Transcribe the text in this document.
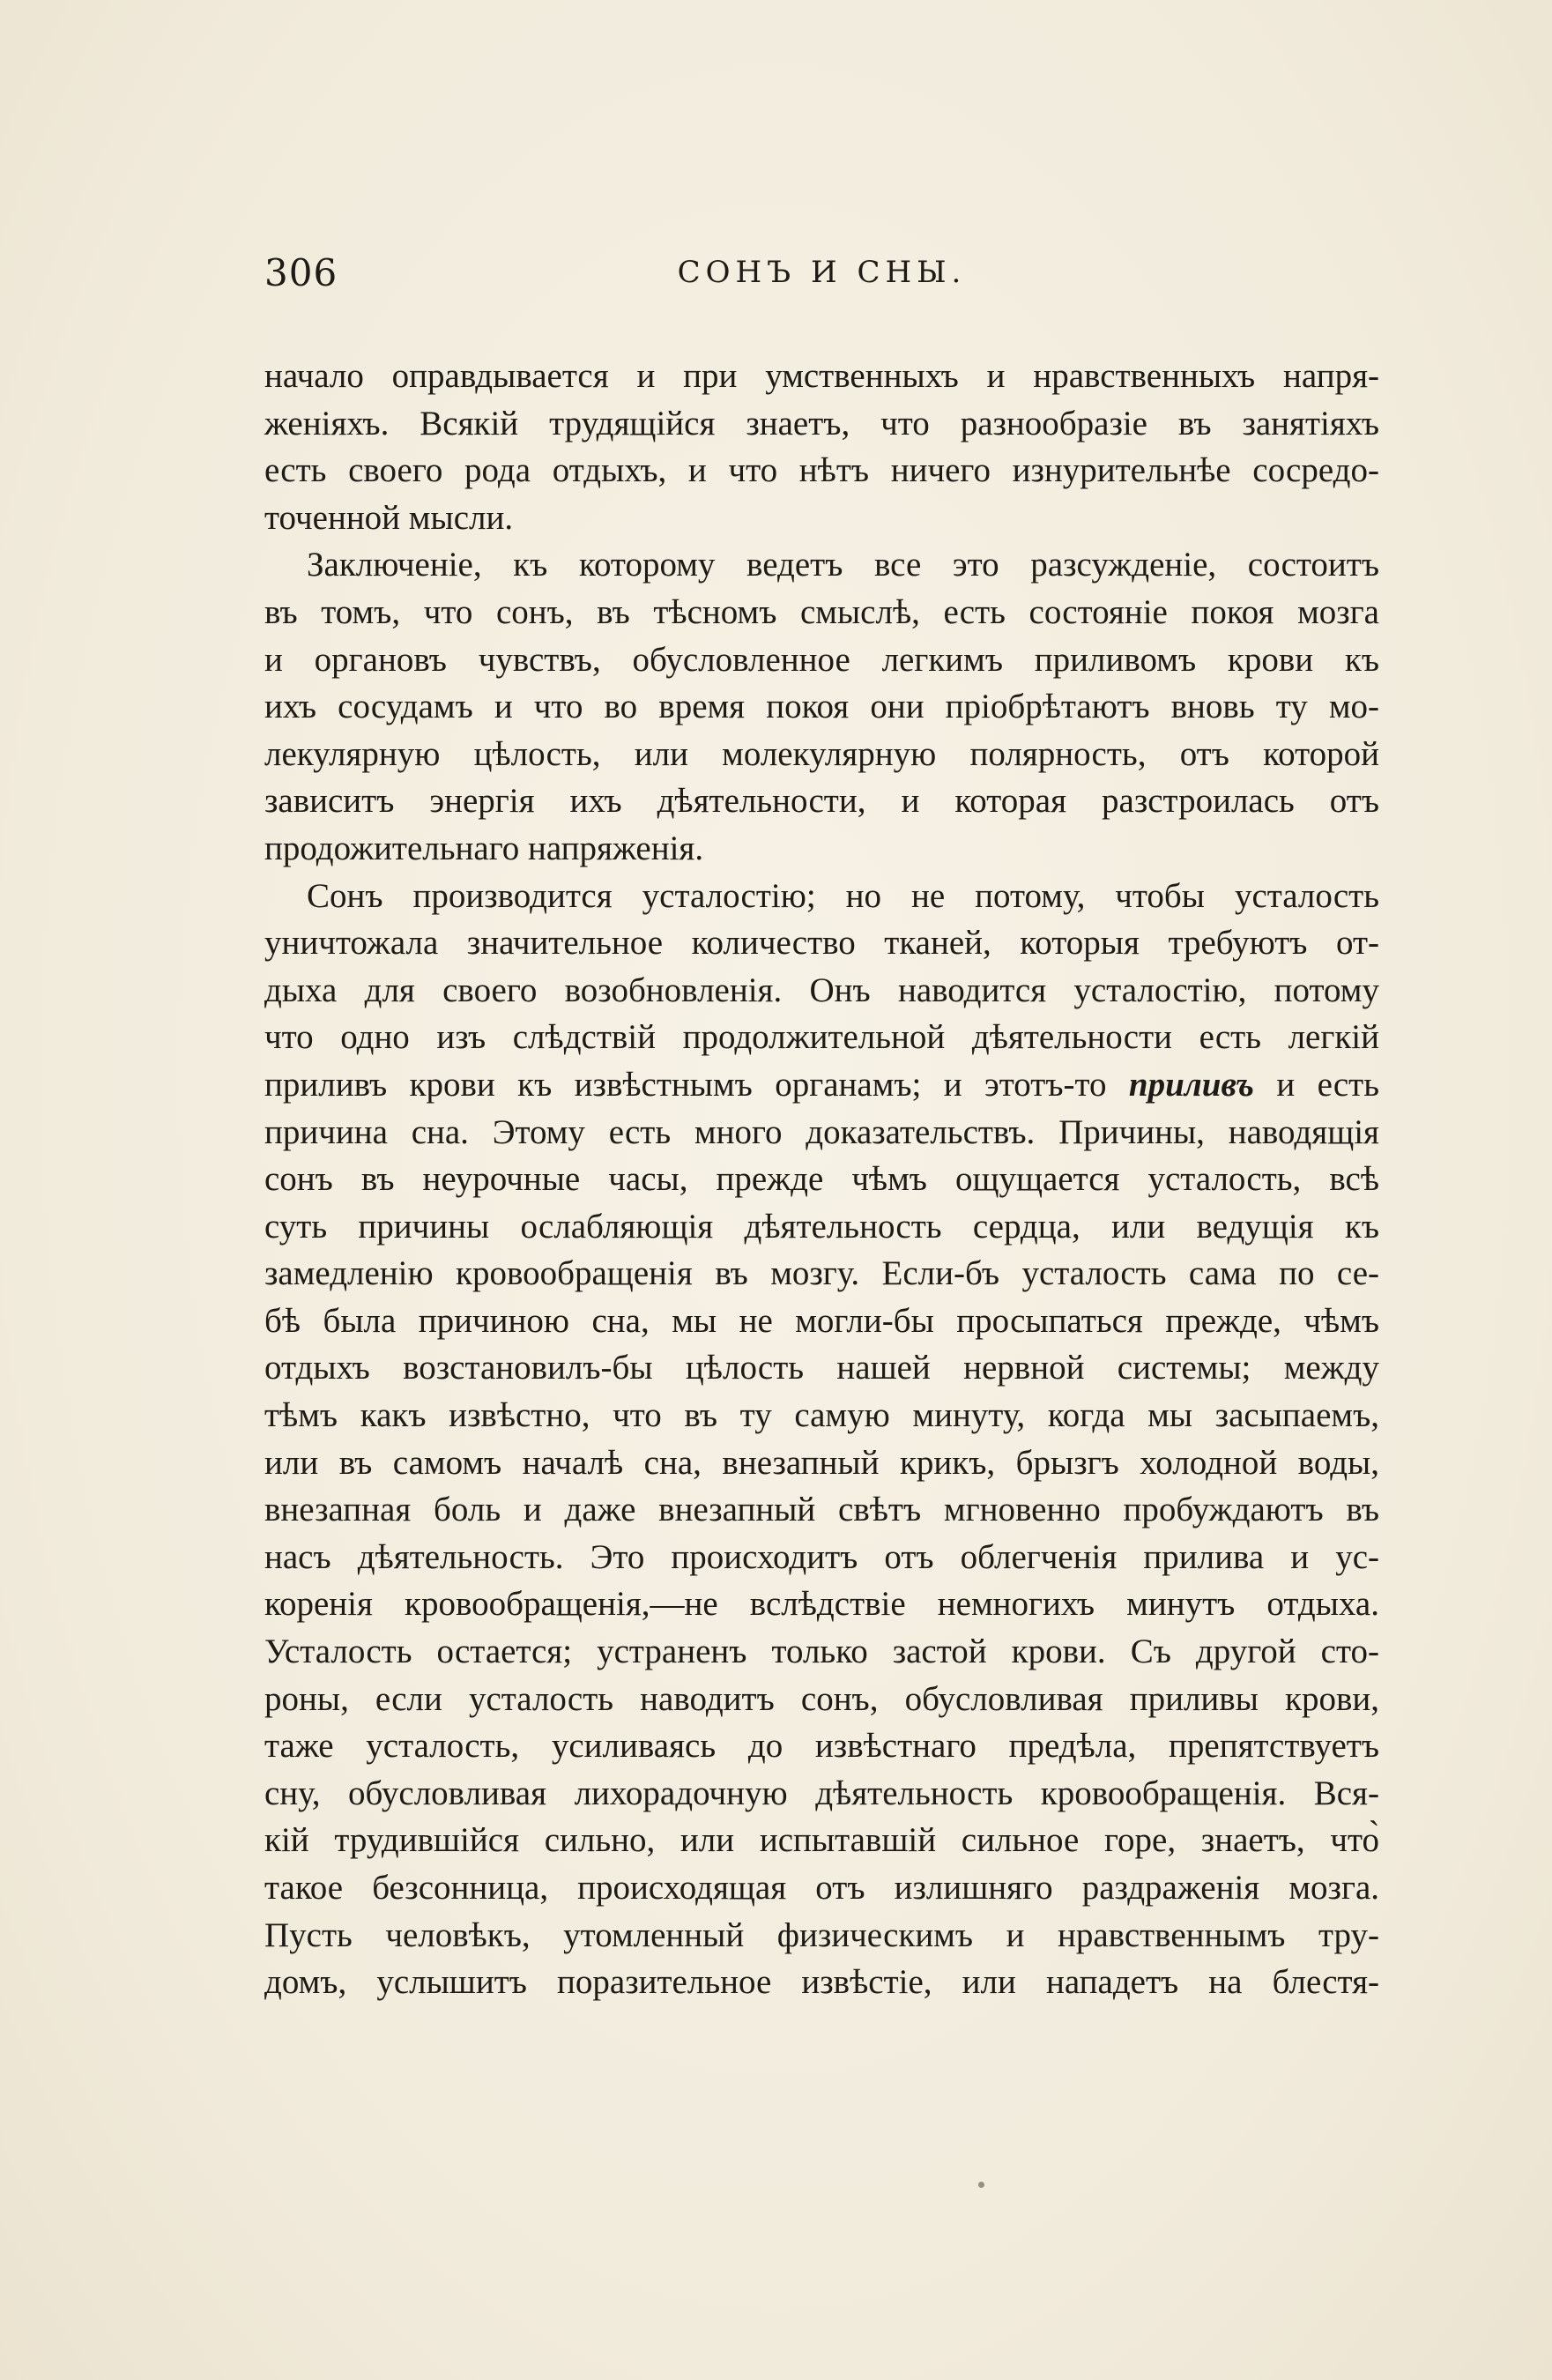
306	СОНЪ И СНЫ.
начало оправдывается и при умственныхъ и нравственныхъ напря-
женіяхъ. Всякій трудящійся знаетъ, что разнообразіе въ занятіяхъ
есть своего рода отдыхъ, и что нѣтъ ничего изнурительнѣе сосредо-
точенной мысли.
Заключеніе, къ которому ведетъ все это разсужденіе, состоитъ
въ томъ, что сонъ, въ тѣсномъ смыслѣ, есть состояніе покоя мозга
и органовъ чувствъ, обусловленное легкимъ приливомъ крови къ
ихъ сосудамъ и что во время покоя они пріобрѣтаютъ вновь ту мо-
лекулярную цѣлость, или молекулярную полярность, отъ которой
зависитъ энергія ихъ дѣятельности, и которая разстроилась отъ
продожительнаго напряженія.
Сонъ производится усталостію; но не потому, чтобы усталость
уничтожала значительное количество тканей, которыя требуютъ от-
дыха для своего возобновленія. Онъ наводится усталостію, потому
что одно изъ слѣдствій продолжительной дѣятельности есть легкій
приливъ крови къ извѣстнымъ органамъ; и этотъ-то приливъ и есть
причина сна. Этому есть много доказательствъ. Причины, наводящія
сонъ въ неурочные часы, прежде чѣмъ ощущается усталость, всѣ
суть причины ослабляющія дѣятельность сердца, или ведущія къ
замедленію кровообращенія въ мозгу. Если-бъ усталость сама по се-
бѣ была причиною сна, мы не могли-бы просыпаться прежде, чѣмъ
отдыхъ возстановилъ-бы цѣлость нашей нервной системы; между
тѣмъ какъ извѣстно, что въ ту самую минуту, когда мы засыпаемъ,
или въ самомъ началѣ сна, внезапный крикъ, брызгъ холодной воды,
внезапная боль и даже внезапный свѣтъ мгновенно пробуждаютъ въ
насъ дѣятельность. Это происходитъ отъ облегченія прилива и ус-
коренія кровообращенія,—не вслѣдствіе немногихъ минутъ отдыха.
Усталость остается; устраненъ только застой крови. Съ другой сто-
роны, если усталость наводитъ сонъ, обусловливая приливы крови,
таже усталость, усиливаясь до извѣстнаго предѣла, препятствуетъ
сну, обусловливая лихорадочную дѣятельность кровообращенія. Вся-
кій трудившійся сильно, или испытавшій сильное горе, знаетъ, что̀
такое безсонница, происходящая отъ излишняго раздраженія мозга.
Пусть человѣкъ, утомленный физическимъ и нравственнымъ тру-
домъ, услышитъ поразительное извѣстіе, или нападетъ на блестя-
